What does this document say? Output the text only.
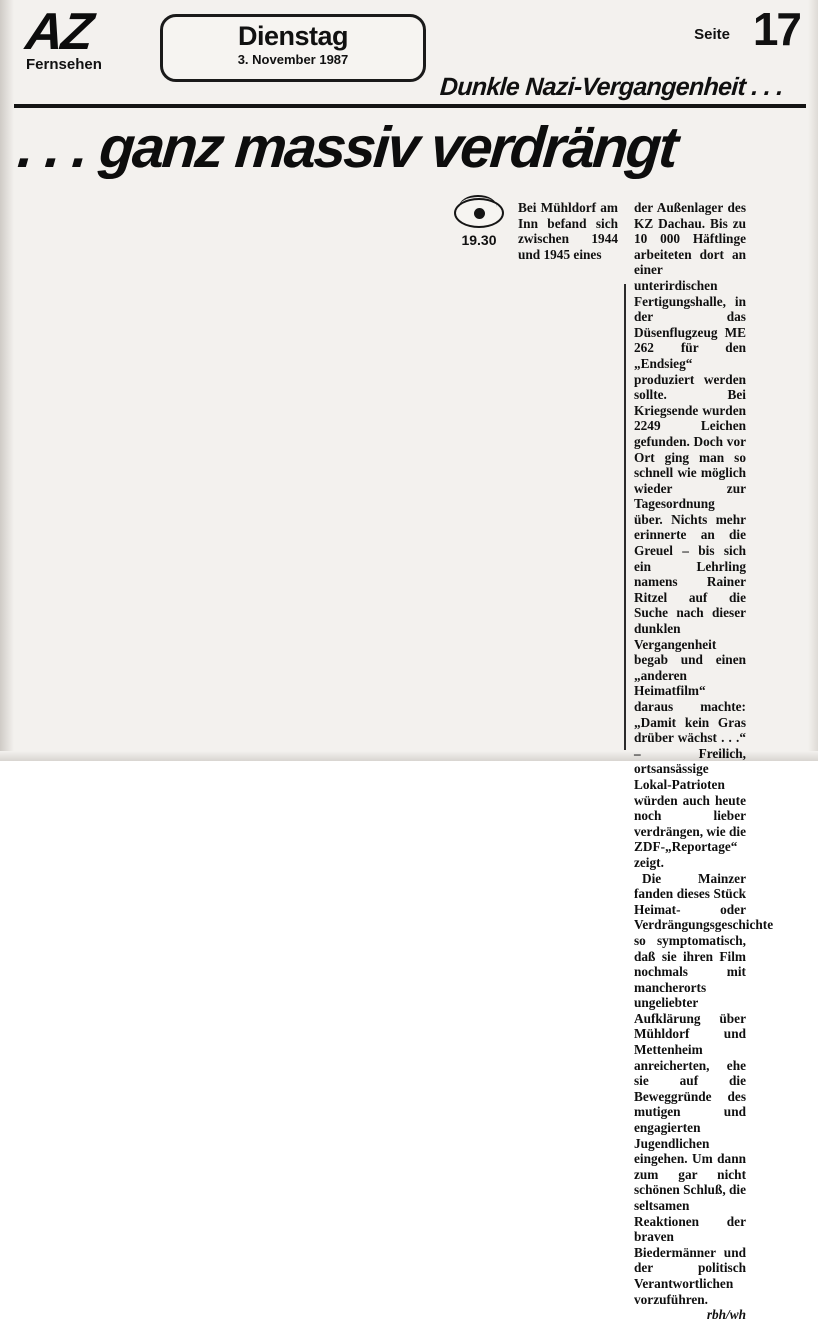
AZ
Fernsehen
Dienstag
3. November 1987
Seite 17
Dunkle Nazi-Vergangenheit . . .
. . . ganz massiv verdrängt
19.30
Bei Mühldorf am Inn befand sich zwischen 1944 und 1945 eines

der Außenlager des KZ Dachau. Bis zu 10 000 Häftlinge arbeiteten dort an einer unterirdischen Fertigungshalle, in der das Düsenflugzeug ME 262 für den „Endsieg“ produziert werden sollte. Bei Kriegsende wurden 2249 Leichen gefunden. Doch vor Ort ging man so schnell wie möglich wieder zur Tagesordnung über. Nichts mehr erinnerte an die Greuel – bis sich ein Lehrling namens Rainer Ritzel auf die Suche nach dieser dunklen Vergangenheit begab und einen „anderen Heimatfilm“ daraus machte: „Damit kein Gras drüber wächst . . .“ – Freilich, ortsansässige Lokal-Patrioten würden auch heute noch lieber verdrängen, wie die ZDF-„Reportage“ zeigt.

Die Mainzer fanden dieses Stück Heimat- oder Verdrängungsgeschichte so symptomatisch, daß sie ihren Film nochmals mit mancherorts ungeliebter Aufklärung über Mühldorf und Mettenheim anreicherten, ehe sie auf die Beweggründe des mutigen und engagierten Jugendlichen eingehen. Um dann zum gar nicht schönen Schluß, die seltsamen Reaktionen der braven Biedermänner und der politisch Verantwortlichen vorzuführen.

rbh/wh
